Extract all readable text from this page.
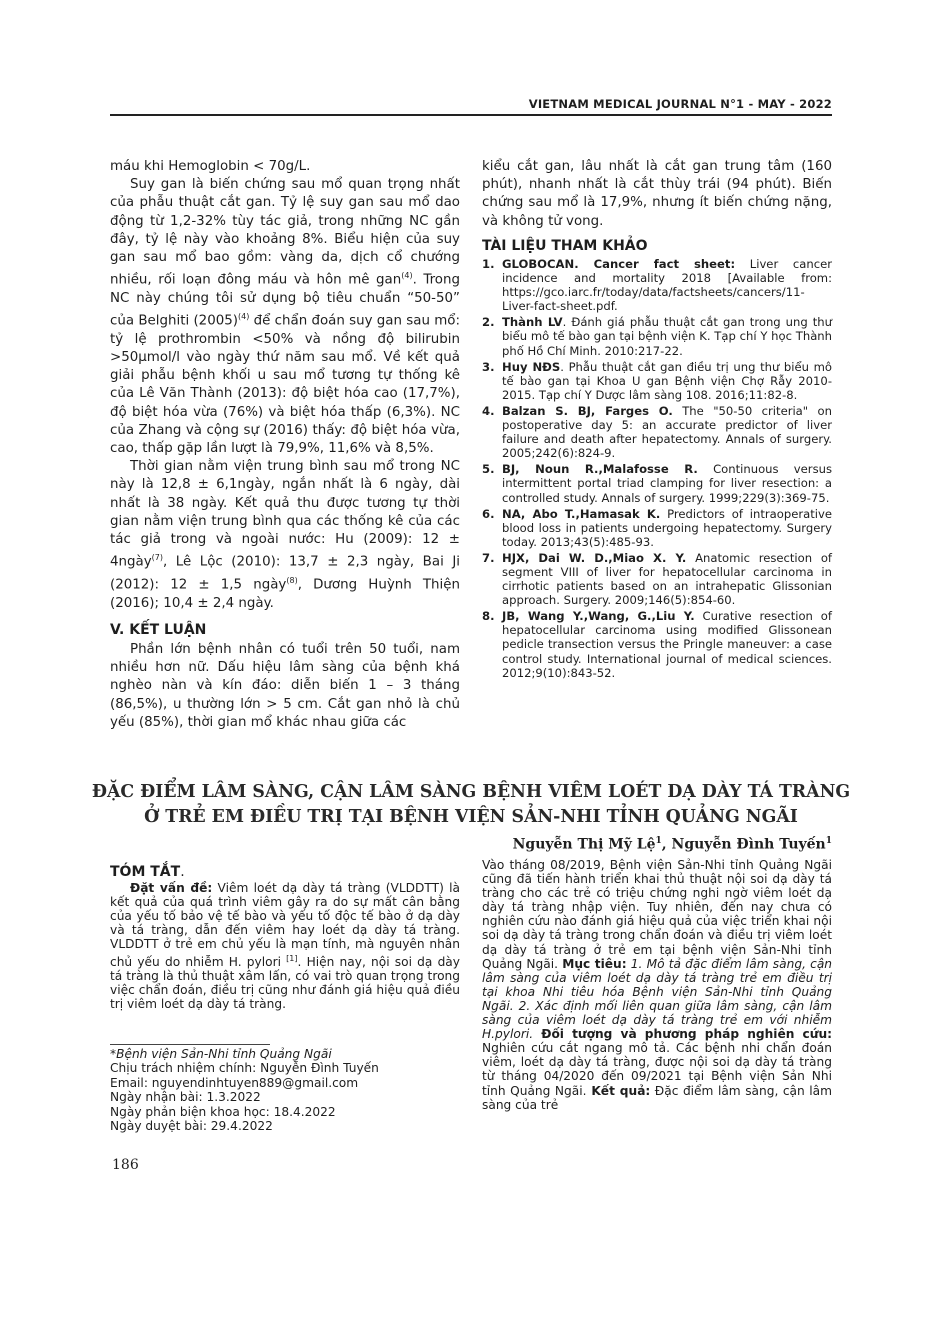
VIETNAM MEDICAL JOURNAL N°1 - MAY - 2022

máu khi Hemoglobin < 70g/L.

Suy gan là biến chứng sau mổ quan trọng nhất của phẫu thuật cắt gan. Tỷ lệ suy gan sau mổ dao động từ 1,2-32% tùy tác giả, trong những NC gần đây, tỷ lệ này vào khoảng 8%. Biểu hiện của suy gan sau mổ bao gồm: vàng da, dịch cổ chướng nhiều, rối loạn đông máu và hôn mê gan$^{(4)}$. Trong NC này chúng tôi sử dụng bộ tiêu chuẩn “50-50” của Belghiti $(2005)^{(4)}$ để chẩn đoán suy gan sau mổ: tỷ lệ prothrombin <50% và nồng độ bilirubin >50µmol/l vào ngày thứ năm sau mổ. Về kết quả giải phẫu bệnh khối u sau mổ tương tự thống kê của Lê Văn Thành (2013): độ biệt hóa cao (17,7%), độ biệt hóa vừa (76%) và biệt hóa thấp (6,3%). NC của Zhang và cộng sự (2016) thấy: độ biệt hóa vừa, cao, thấp gặp lần lượt là 79,9%, 11,6% và 8,5%.

Thời gian nằm viện trung bình sau mổ trong NC này là 12,8 ± 6,1ngày, ngắn nhất là 6 ngày, dài nhất là 38 ngày. Kết quả thu được tương tự thời gian nằm viện trung bình qua các thống kê của các tác giả trong và ngoài nước: Hu (2009): 12 ± 4ngày$^{(7)}$, Lê Lộc (2010): 13,7 ± 2,3 ngày, Bai Ji (2012): 12 ± 1,5 ngày$^{(8)}$, Dương Huỳnh Thiện (2016); 10,4 ± 2,4 ngày.

V. KẾT LUẬN

Phần lớn bệnh nhân có tuổi trên 50 tuổi, nam nhiều hơn nữ. Dấu hiệu lâm sàng của bệnh khá nghèo nàn và kín đáo: diễn biến 1 – 3 tháng (86,5%), u thường lớn > 5 cm. Cắt gan nhỏ là chủ yếu (85%), thời gian mổ khác nhau giữa các

kiểu cắt gan, lâu nhất là cắt gan trung tâm (160 phút), nhanh nhất là cắt thùy trái (94 phút). Biến chứng sau mổ là 17,9%, nhưng ít biến chứng nặng, và không tử vong.

TÀI LIỆU THAM KHẢO
1. GLOBOCAN. Cancer fact sheet: Liver cancer incidence and mortality 2018 [Available from: https://gco.iarc.fr/today/data/factsheets/cancers/11-Liver-fact-sheet.pdf.
2. Thành LV. Đánh giá phẫu thuật cắt gan trong ung thư biểu mô tế bào gan tại bệnh viện K. Tạp chí Y học Thành phố Hồ Chí Minh. 2010:217-22.
3. Huy NĐS. Phẫu thuật cắt gan điều trị ung thư biểu mô tế bào gan tại Khoa U gan Bệnh viện Chợ Rẫy 2010-2015. Tạp chí Y Dược lâm sàng 108. 2016;11:82-8.
4. Balzan S. BJ, Farges O. The "50-50 criteria" on postoperative day 5: an accurate predictor of liver failure and death after hepatectomy. Annals of surgery. 2005;242(6):824-9.
5. BJ, Noun R.,Malafosse R. Continuous versus intermittent portal triad clamping for liver resection: a controlled study. Annals of surgery. 1999;229(3):369-75.
6. NA, Abo T.,Hamasak K. Predictors of intraoperative blood loss in patients undergoing hepatectomy. Surgery today. 2013;43(5):485-93.
7. HJX, Dai W. D.,Miao X. Y. Anatomic resection of segment VIII of liver for hepatocellular carcinoma in cirrhotic patients based on an intrahepatic Glissonian approach. Surgery. 2009;146(5):854-60.
8. JB, Wang Y.,Wang, G.,Liu Y. Curative resection of hepatocellular carcinoma using modified Glissonean pedicle transection versus the Pringle maneuver: a case control study. International journal of medical sciences. 2012;9(10):843-52.
ĐẶC ĐIỂM LÂM SÀNG, CẬN LÂM SÀNG BỆNH VIÊM LOÉT DẠ DÀY TÁ TRÀNG
Ở TRẺ EM ĐIỀU TRỊ TẠI BỆNH VIỆN SẢN-NHI TỈNH QUẢNG NGÃI
Nguyễn Thị Mỹ Lệ$^1$, Nguyễn Đình Tuyến$^1$

TÓM TẮT.

Đặt vấn đề: Viêm loét dạ dày tá tràng (VLDDTT) là kết quả của quá trình viêm gây ra do sự mất cân bằng của yếu tố bảo vệ tế bào và yếu tố độc tế bào ở dạ dày và tá tràng, dẫn đến viêm hay loét dạ dày tá tràng. VLDDTT ở trẻ em chủ yếu là mạn tính, mà nguyên nhân chủ yếu do nhiễm H. pylori [1]. Hiện nay, nội soi dạ dày tá tràng là thủ thuật xâm lấn, có vai trò quan trọng trong việc chẩn đoán, điều trị cũng như đánh giá hiệu quả điều trị viêm loét dạ dày tá tràng.

Vào tháng 08/2019, Bệnh viện Sản-Nhi tỉnh Quảng Ngãi cũng đã tiến hành triển khai thủ thuật nội soi dạ dày tá tràng cho các trẻ có triệu chứng nghi ngờ viêm loét dạ dày tá tràng nhập viện. Tuy nhiên, đến nay chưa có nghiên cứu nào đánh giá hiệu quả của việc triển khai nội soi dạ dày tá tràng trong chẩn đoán và điều trị viêm loét dạ dày tá tràng ở trẻ em tại bệnh viện Sản-Nhi tỉnh Quảng Ngãi. Mục tiêu: 1. Mô tả đặc điểm lâm sàng, cận lâm sàng của viêm loét dạ dày tá tràng trẻ em điều trị tại khoa Nhi tiêu hóa Bệnh viện Sản-Nhi tỉnh Quảng Ngãi. 2. Xác định mối liên quan giữa lâm sàng, cận lâm sàng của viêm loét dạ dày tá tràng trẻ em với nhiễm H.pylori. Đối tượng và phương pháp nghiên cứu: Nghiên cứu cắt ngang mô tả. Các bệnh nhi chẩn đoán viêm, loét dạ dày tá tràng, được nội soi dạ dày tá tràng từ tháng 04/2020 đến 09/2021 tại Bệnh viện Sản Nhi tỉnh Quảng Ngãi. Kết quả: Đặc điểm lâm sàng, cận lâm sàng của trẻ

*Bệnh viện Sản-Nhi tỉnh Quảng Ngãi
Chịu trách nhiệm chính: Nguyễn Đình Tuyến
Email: nguyendinhtuyen889@gmail.com
Ngày nhận bài: 1.3.2022
Ngày phản biện khoa học: 18.4.2022
Ngày duyệt bài: 29.4.2022
186
